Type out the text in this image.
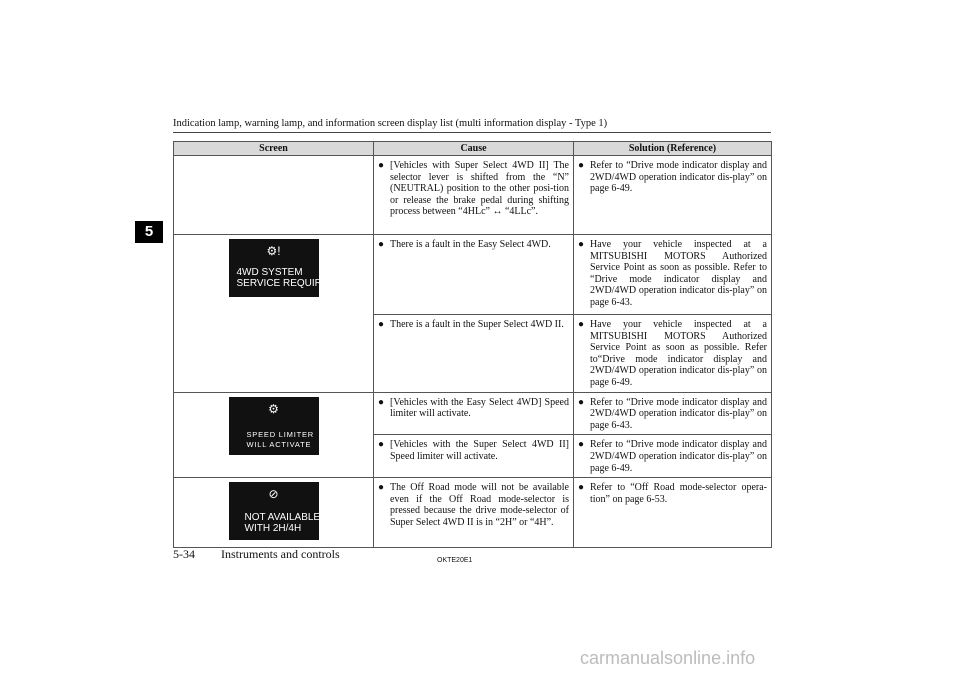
Indication lamp, warning lamp, and information screen display list (multi information display - Type 1)
5
Screen	Cause	Solution (Reference)

	● [Vehicles with Super Select 4WD II] The selector lever is shifted from the “N” (NEUTRAL) position to the other posi-tion or release the brake pedal during shifting process between “4HLc” ↔ “4LLc”.	● Refer to “Drive mode indicator display and 2WD/4WD operation indicator dis-play” on page 6-49.

⚙!
4WD SYSTEM
SERVICE REQUIRED	● There is a fault in the Easy Select 4WD.	● Have your vehicle inspected at a MITSUBISHI MOTORS Authorized Service Point as soon as possible. Refer to “Drive mode indicator display and 2WD/4WD operation indicator dis-play” on page 6-43.

	● There is a fault in the Super Select 4WD II.	● Have your vehicle inspected at a MITSUBISHI MOTORS Authorized Service Point as soon as possible. Refer to“Drive mode indicator display and 2WD/4WD operation indicator dis-play” on page 6-49.

⚙
SPEED LIMITER
WILL ACTIVATE	● [Vehicles with the Easy Select 4WD] Speed limiter will activate.	● Refer to “Drive mode indicator display and 2WD/4WD operation indicator dis-play” on page 6-43.

	● [Vehicles with the Super Select 4WD II] Speed limiter will activate.	● Refer to “Drive mode indicator display and 2WD/4WD operation indicator dis-play” on page 6-49.

⊘
NOT AVAILABLE
WITH 2H/4H	● The Off Road mode will not be available even if the Off Road mode-selector is pressed because the drive mode-selector of Super Select 4WD II is in “2H” or “4H”.	● Refer to “Off Road mode-selector opera-tion” on page 6-53.
5-34 Instruments and controls	OKTE20E1
carmanualsonline.info
